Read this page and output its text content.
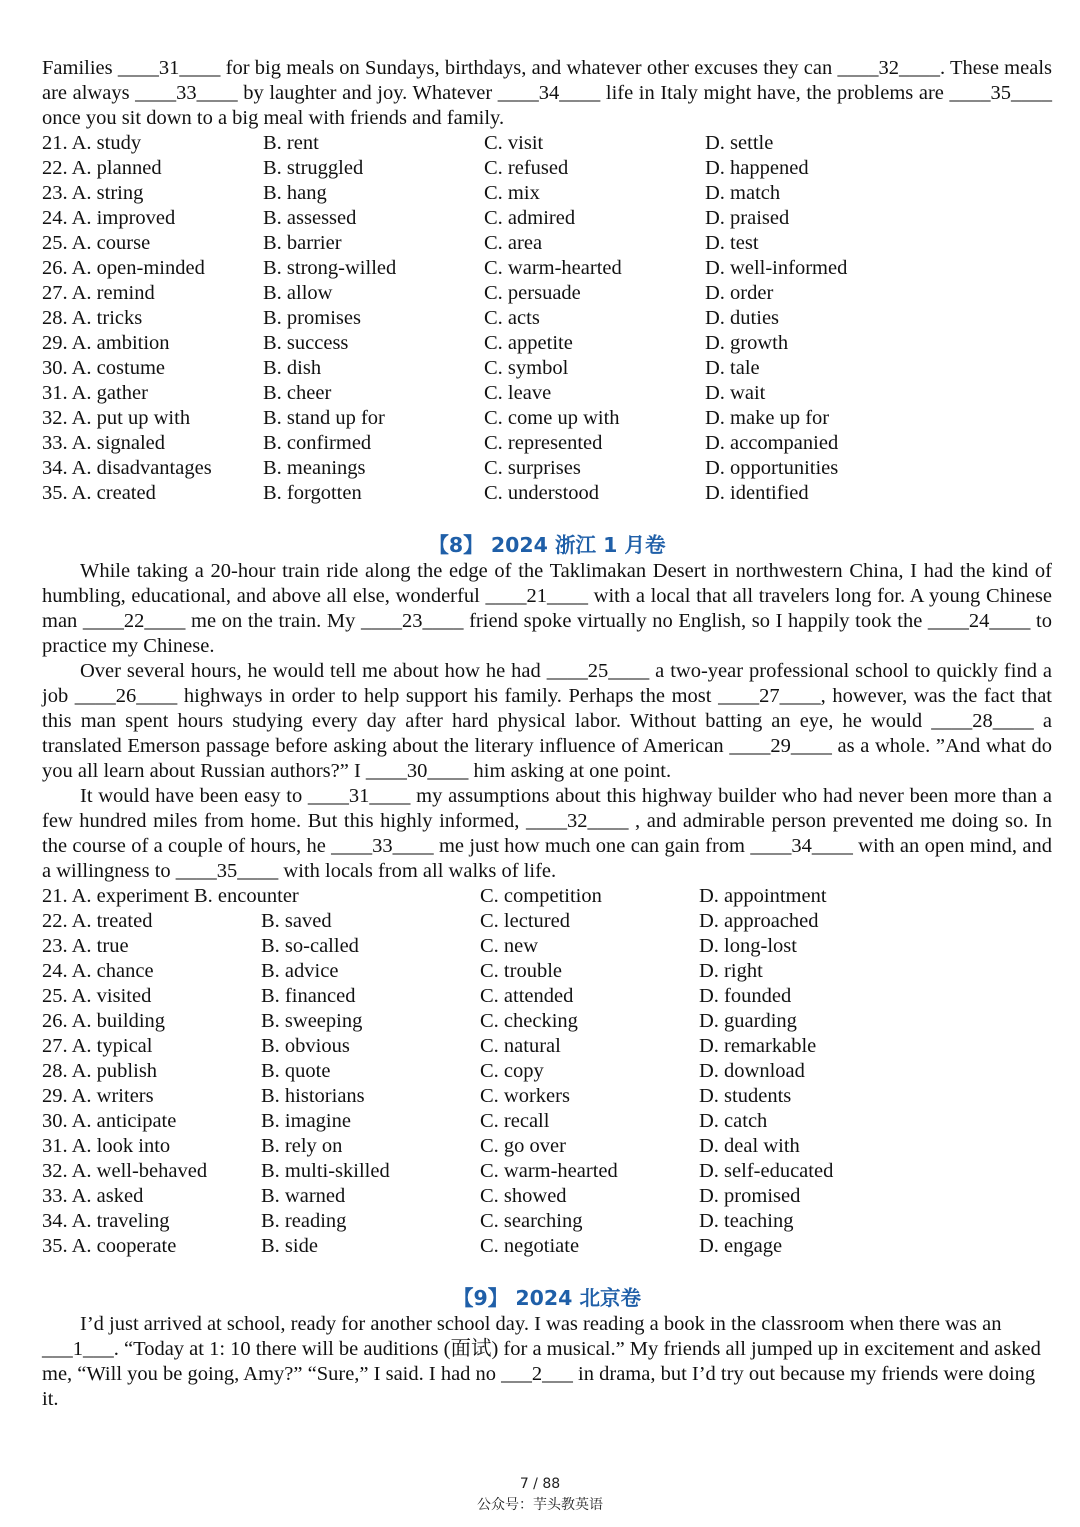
Families ____31____ for big meals on Sundays, birthdays, and whatever other excuses they can ____32____. These meals are always ____33____ by laughter and joy. Whatever ____34____ life in Italy might have, the problems are ____35____ once you sit down to a big meal with friends and family.

21. A. study	B. rent	C. visit	D. settle
22. A. planned	B. struggled	C. refused	D. happened
23. A. string	B. hang	C. mix	D. match
24. A. improved	B. assessed	C. admired	D. praised
25. A. course	B. barrier	C. area	D. test
26. A. open-minded	B. strong-willed	C. warm-hearted	D. well-informed
27. A. remind	B. allow	C. persuade	D. order
28. A. tricks	B. promises	C. acts	D. duties
29. A. ambition	B. success	C. appetite	D. growth
30. A. costume	B. dish	C. symbol	D. tale
31. A. gather	B. cheer	C. leave	D. wait
32. A. put up with	B. stand up for	C. come up with	D. make up for
33. A. signaled	B. confirmed	C. represented	D. accompanied
34. A. disadvantages	B. meanings	C. surprises	D. opportunities
35. A. created	B. forgotten	C. understood	D. identified
【8】 2024 浙江 1 月卷

While taking a 20-hour train ride along the edge of the Taklimakan Desert in northwestern China, I had the kind of humbling, educational, and above all else, wonderful ____21____ with a local that all travelers long for. A young Chinese man ____22____ me on the train. My ____23____ friend spoke virtually no English, so I happily took the ____24____ to practice my Chinese.

Over several hours, he would tell me about how he had ____25____ a two-year professional school to quickly find a job ____26____ highways in order to help support his family. Perhaps the most ____27____, however, was the fact that this man spent hours studying every day after hard physical labor. Without batting an eye, he would ____28____ a translated Emerson passage before asking about the literary influence of American ____29____ as a whole. ”And what do you all learn about Russian authors?” I ____30____ him asking at one point.

It would have been easy to ____31____ my assumptions about this highway builder who had never been more than a few hundred miles from home. But this highly informed, ____32____ , and admirable person prevented me doing so. In the course of a couple of hours, he ____33____ me just how much one can gain from ____34____ with an open mind, and a willingness to ____35____ with locals from all walks of life.

21. A. experiment B. encounter	C. competition	D. appointment
22. A. treated	B. saved	C. lectured	D. approached
23. A. true	B. so-called	C. new	D. long-lost
24. A. chance	B. advice	C. trouble	D. right
25. A. visited	B. financed	C. attended	D. founded
26. A. building	B. sweeping	C. checking	D. guarding
27. A. typical	B. obvious	C. natural	D. remarkable
28. A. publish	B. quote	C. copy	D. download
29. A. writers	B. historians	C. workers	D. students
30. A. anticipate	B. imagine	C. recall	D. catch
31. A. look into	B. rely on	C. go over	D. deal with
32. A. well-behaved	B. multi-skilled	C. warm-hearted	D. self-educated
33. A. asked	B. warned	C. showed	D. promised
34. A. traveling	B. reading	C. searching	D. teaching
35. A. cooperate	B. side	C. negotiate	D. engage
【9】 2024 北京卷

I’d just arrived at school, ready for another school day. I was reading a book in the classroom when there was an ___1___. “Today at 1: 10 there will be auditions (面试) for a musical.” My friends all jumped up in excitement and asked me, “Will you be going, Amy?” “Sure,” I said. I had no ___2___ in drama, but I’d try out because my friends were doing it.

7 / 88
公众号：芋头教英语
